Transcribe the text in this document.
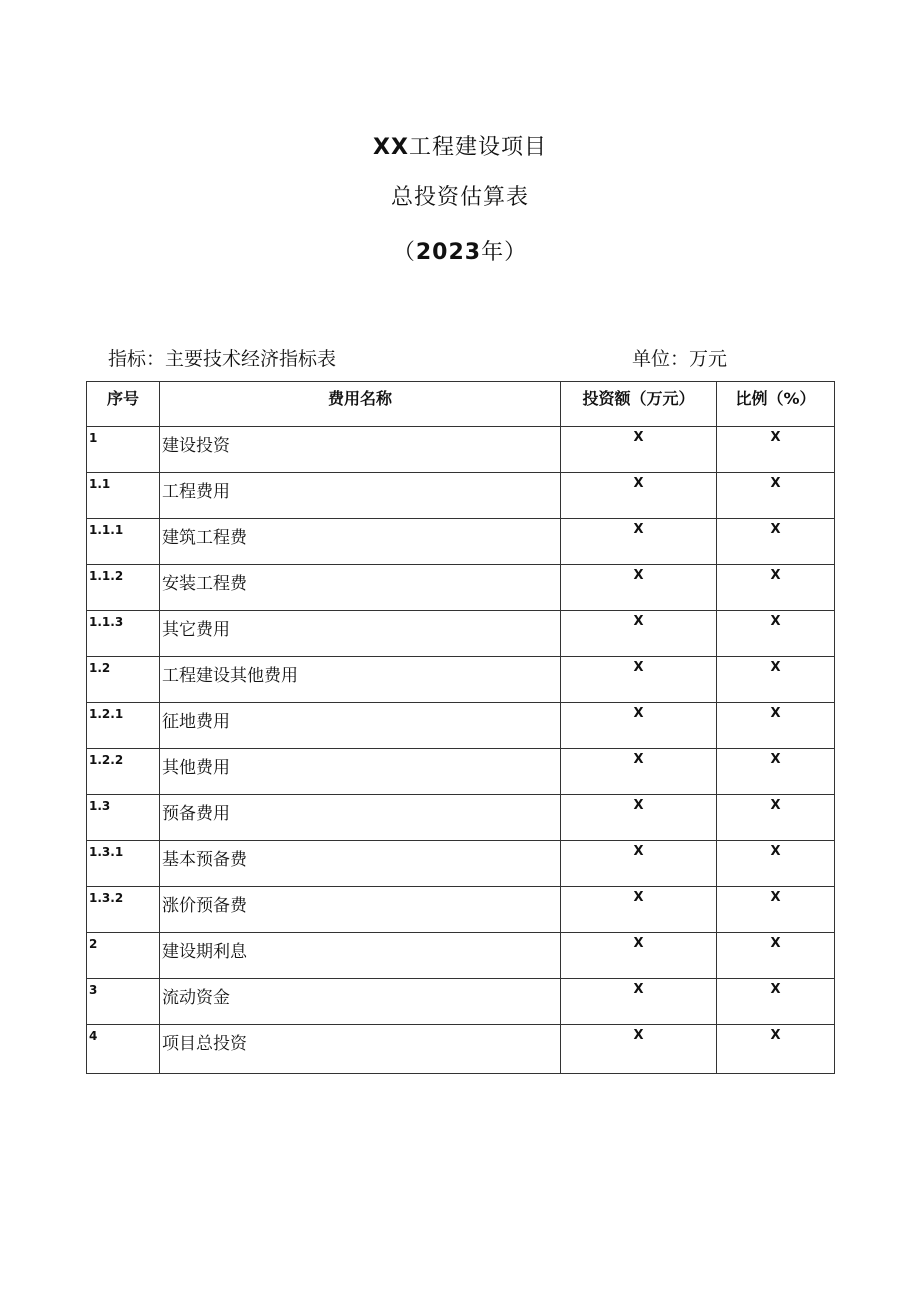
XX工程建设项目
总投资估算表
（2023年）
指标：主要技术经济指标表	单位：万元
序号	费用名称	投资额（万元）	比例（%）
1	建设投资	X	X
1.1	工程费用	X	X
1.1.1	建筑工程费	X	X
1.1.2	安装工程费	X	X
1.1.3	其它费用	X	X
1.2	工程建设其他费用	X	X
1.2.1	征地费用	X	X
1.2.2	其他费用	X	X
1.3	预备费用	X	X
1.3.1	基本预备费	X	X
1.3.2	涨价预备费	X	X
2	建设期利息	X	X
3	流动资金	X	X
4	项目总投资	X	X
